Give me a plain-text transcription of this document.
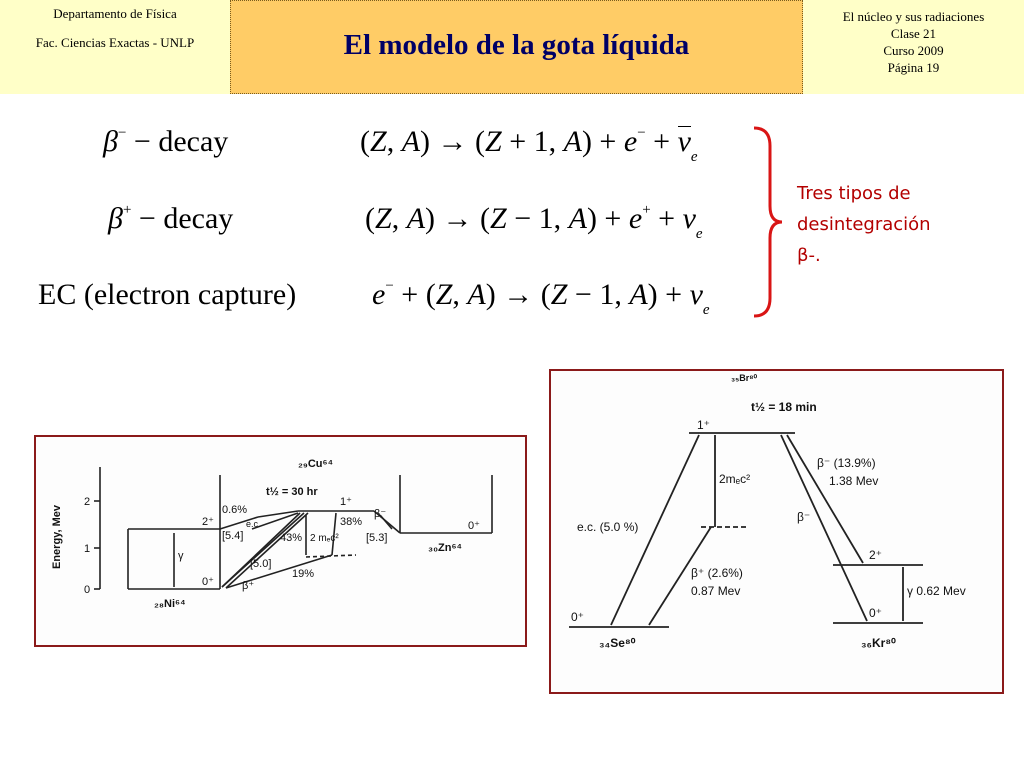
Departamento de Física
Fac. Ciencias Exactas - UNLP	El modelo de la gota líquida
El núcleo y sus radiaciones
Clase 21
Curso 2009
Página 19
β− − decay	(Z, A) → (Z + 1, $A) + e^- + \nu_e$
β+ − decay	(Z, A) → (Z − 1, $A) + e^+ + \nu_e$
EC (electron capture)	e− + (Z, A) → (Z − 1, $A) + \nu_e$
Tres tipos de
desintegración
β-.
Energy, Mev
2
1
0
₂₉Cu⁶⁴
t½ = 30 hr
1⁺
2⁺
0⁺
0⁺
₂₈Ni⁶⁴
₃₀Zn⁶⁴
0.6%
e.c.
43%
19%
38%
[5.4]	[5.3]
[5.0]
2 mₑc²
β⁺
β⁻
γ
₃₅Br⁸⁰
t½ = 18 min
1⁺
2mₑc²
e.c. (5.0 %)
β⁺ (2.6%)
0.87 Mev
β⁻ (13.9%)
1.38 Mev
β⁻
2⁺
γ 0.62 Mev
0⁺
₃₄Se⁸⁰
0⁺
₃₆Kr⁸⁰
